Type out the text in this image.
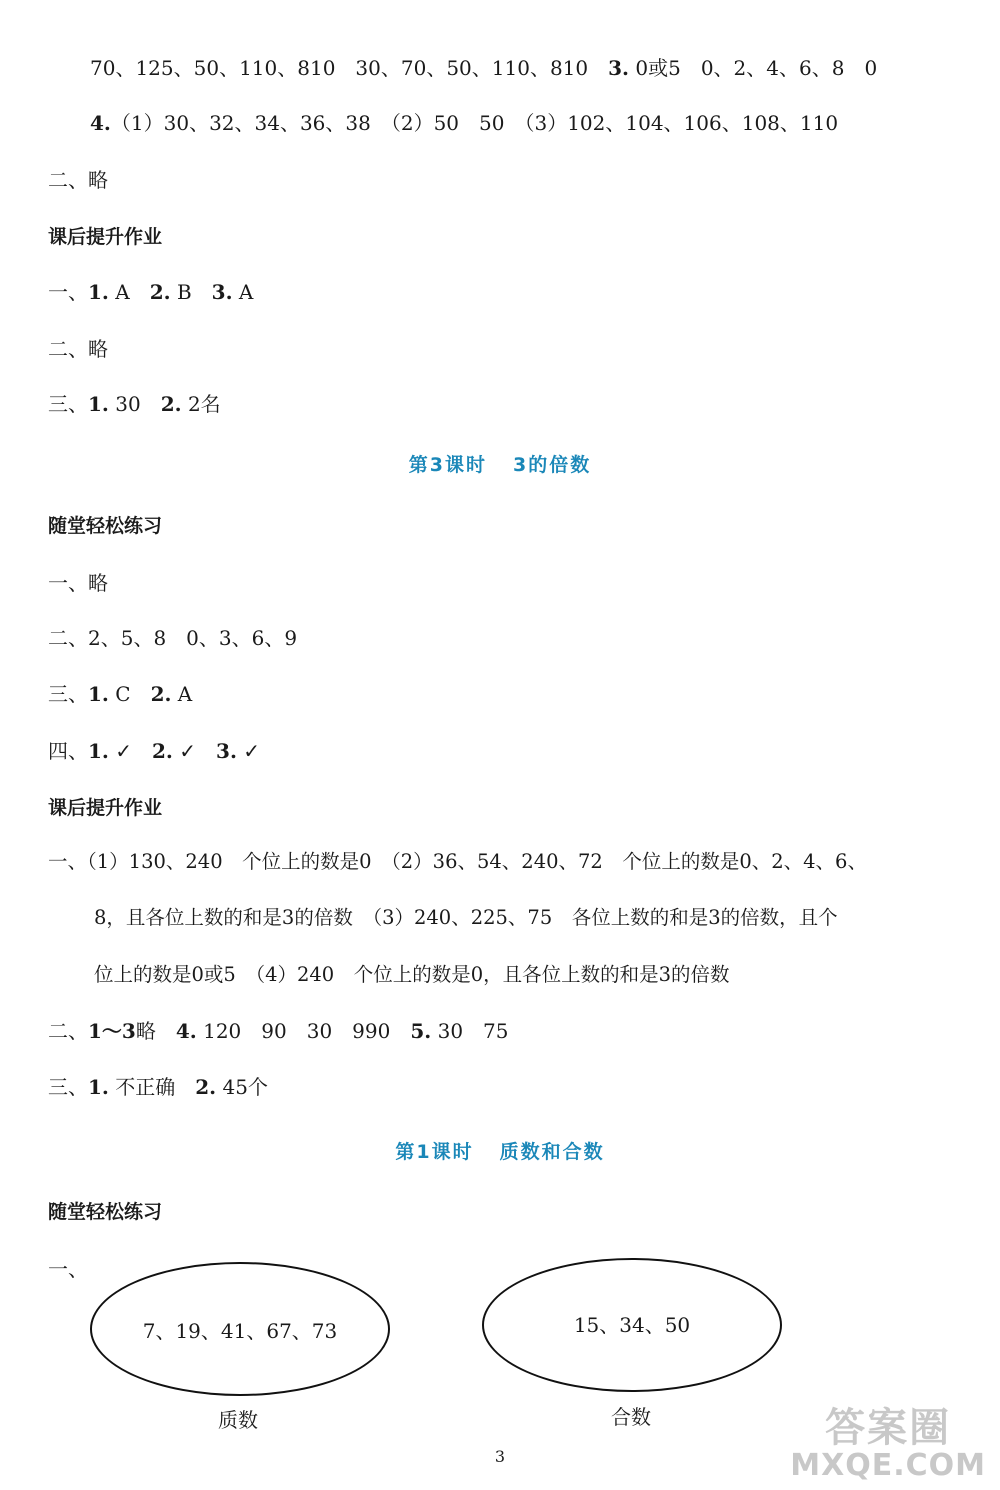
70、125、50、110、810　30、70、50、110、810　3. 0或5　0、2、4、6、8　0
4.（1）30、32、34、36、38　（2）50　50　（3）102、104、106、108、110
二、略
课后提升作业
一、1. A　2. B　3. A
二、略
三、1. 30　2. 2名
第3课时 3的倍数
随堂轻松练习
一、略
二、2、5、8　0、3、6、9
三、1. C　2. A
四、1. ✓　2. ✓　3. ✓
课后提升作业
一、（1）130、240　个位上的数是0　（2）36、54、240、72　个位上的数是0、2、4、6、
8，且各位上数的和是3的倍数　（3）240、225、75　各位上数的和是3的倍数，且个
位上的数是0或5　（4）240　个位上的数是0，且各位上数的和是3的倍数
二、1～3略　4. 120　90　30　990　5. 30　75
三、1. 不正确　2. 45个
第1课时 质数和合数
随堂轻松练习
一、
7、19、41、67、73
质数
15、34、50
合数
3
答案圈
MXQE.COM
